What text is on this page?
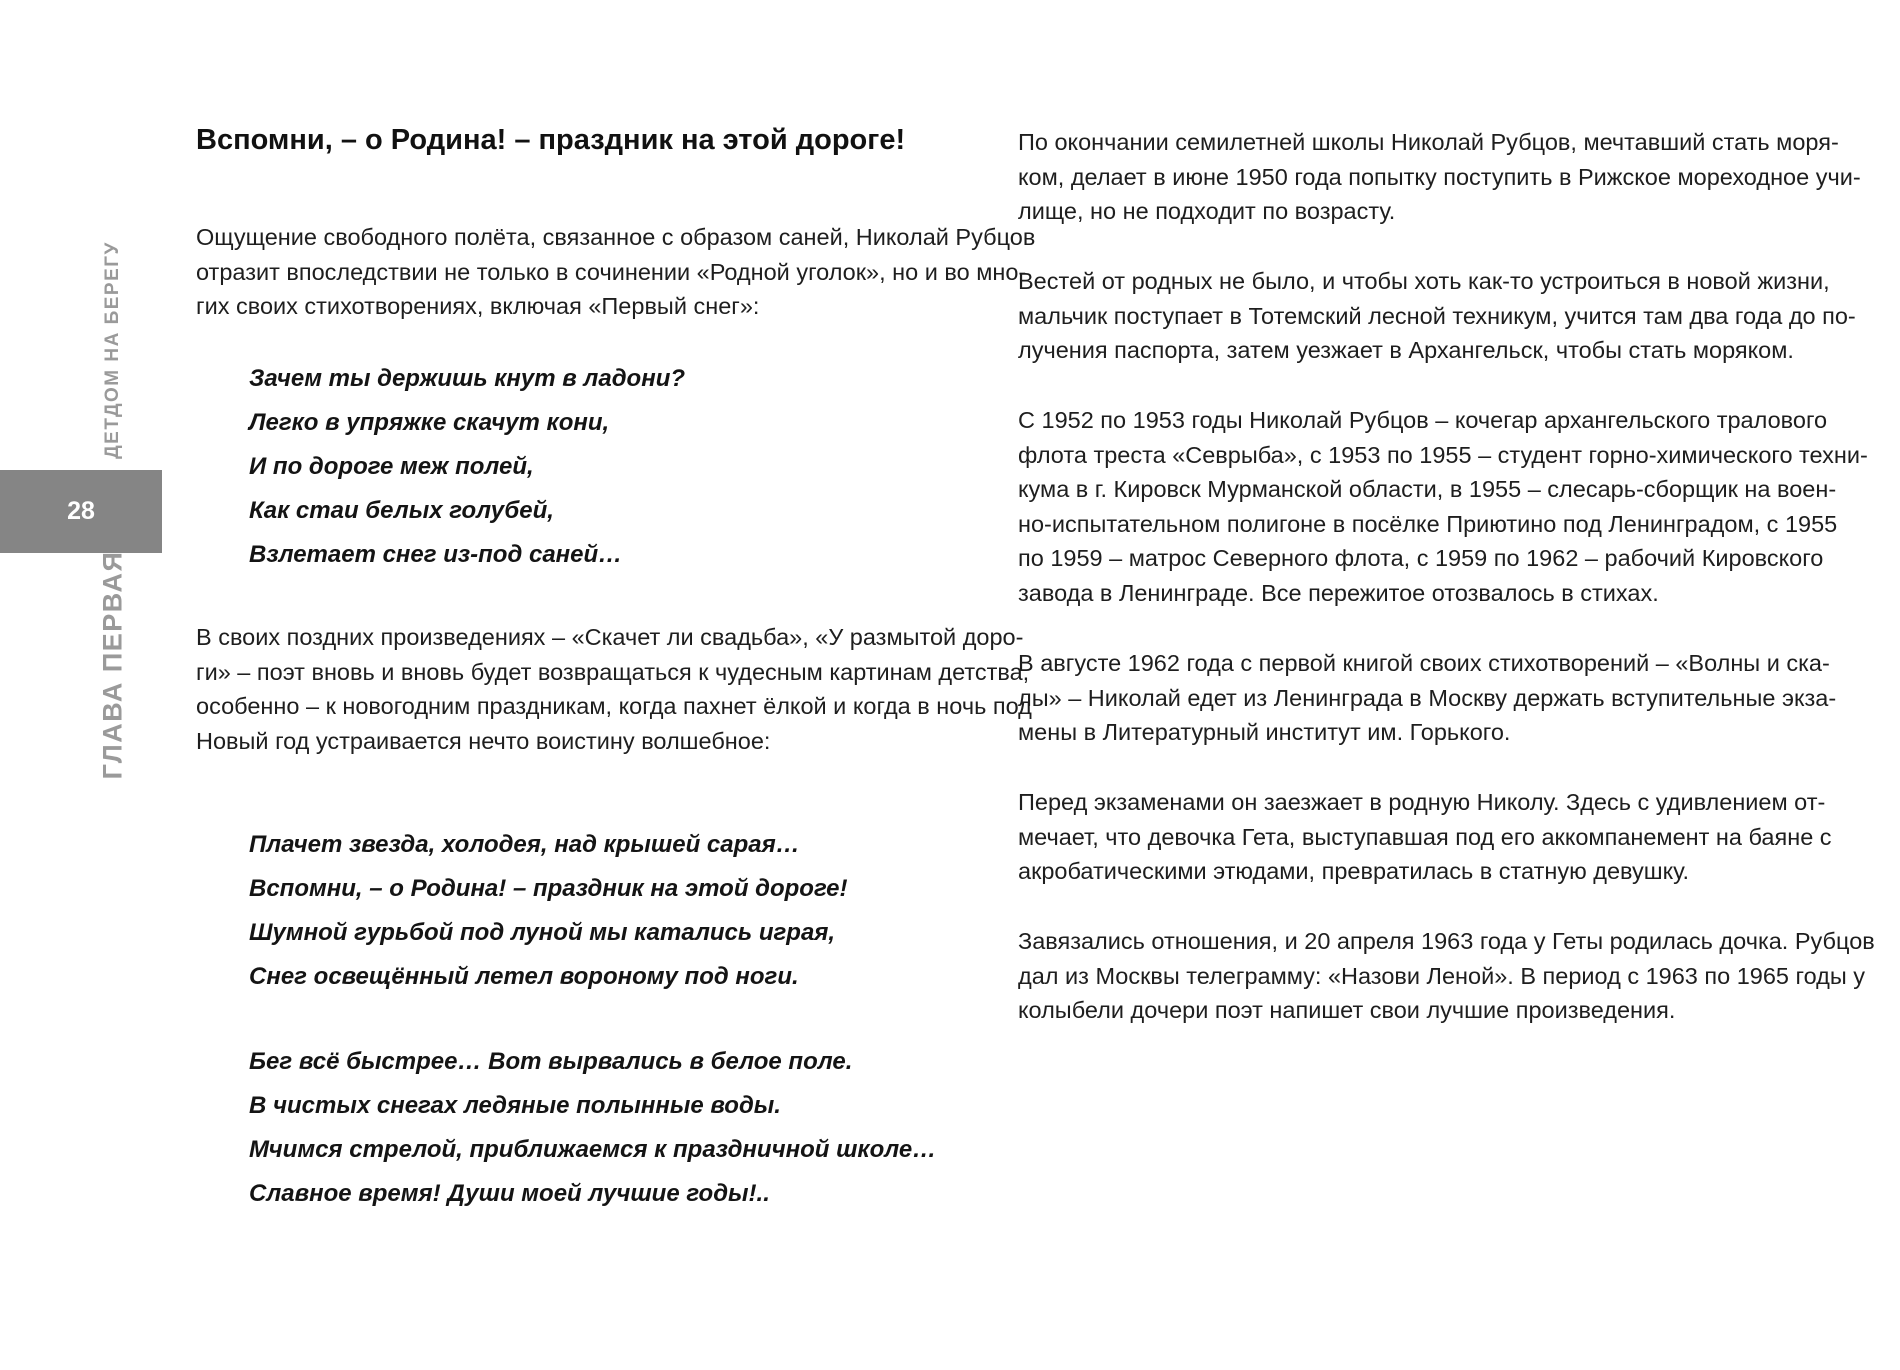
ДЕТДОМ НА БЕРЕГУ
28
ГЛАВА ПЕРВАЯ
Вспомни, – о Родина! – праздник на этой дороге!
Ощущение свободного полёта, связанное с образом саней, Николай Рубцов
отразит впоследствии не только в сочинении «Родной уголок», но и во мно-
гих своих стихотворениях, включая «Первый снег»:
Зачем ты держишь кнут в ладони?
Легко в упряжке скачут кони,
И по дороге меж полей,
Как стаи белых голубей,
Взлетает снег из-под саней…
В своих поздних произведениях – «Скачет ли свадьба», «У размытой доро-
ги» – поэт вновь и вновь будет возвращаться к чудесным картинам детства,
особенно – к новогодним праздникам, когда пахнет ёлкой и когда в ночь под
Новый год устраивается нечто воистину волшебное:
Плачет звезда, холодея, над крышей сарая…
Вспомни, – о Родина! – праздник на этой дороге!
Шумной гурьбой под луной мы катались играя,
Снег освещённый летел вороному под ноги.
Бег всё быстрее… Вот вырвались в белое поле.
В чистых снегах ледяные полынные воды.
Мчимся стрелой, приближаемся к праздничной школе…
Славное время! Души моей лучшие годы!..
По окончании семилетней школы Николай Рубцов, мечтавший стать моря-
ком, делает в июне 1950 года попытку поступить в Рижское мореходное учи-
лище, но не подходит по возрасту.
Вестей от родных не было, и чтобы хоть как-то устроиться в новой жизни,
мальчик поступает в Тотемский лесной техникум, учится там два года до по-
лучения паспорта, затем уезжает в Архангельск, чтобы стать моряком.
С 1952 по 1953 годы Николай Рубцов – кочегар архангельского тралового
флота треста «Севрыба», с 1953 по 1955 – студент горно-химического техни-
кума в г. Кировск Мурманской области, в 1955 – слесарь-сборщик на воен-
но-испытательном полигоне в посёлке Приютино под Ленинградом, с 1955
по 1959 – матрос Северного флота, с 1959 по 1962 – рабочий Кировского
завода в Ленинграде. Все пережитое отозвалось в стихах.
В августе 1962 года с первой книгой своих стихотворений – «Волны и ска-
лы» – Николай едет из Ленинграда в Москву держать вступительные экза-
мены в Литературный институт им. Горького.
Перед экзаменами он заезжает в родную Николу. Здесь с удивлением от-
мечает, что девочка Гета, выступавшая под его аккомпанемент на баяне с
акробатическими этюдами, превратилась в статную девушку.
Завязались отношения, и 20 апреля 1963 года у Геты родилась дочка. Рубцов
дал из Москвы телеграмму: «Назови Леной». В период с 1963 по 1965 годы у
колыбели дочери поэт напишет свои лучшие произведения.
